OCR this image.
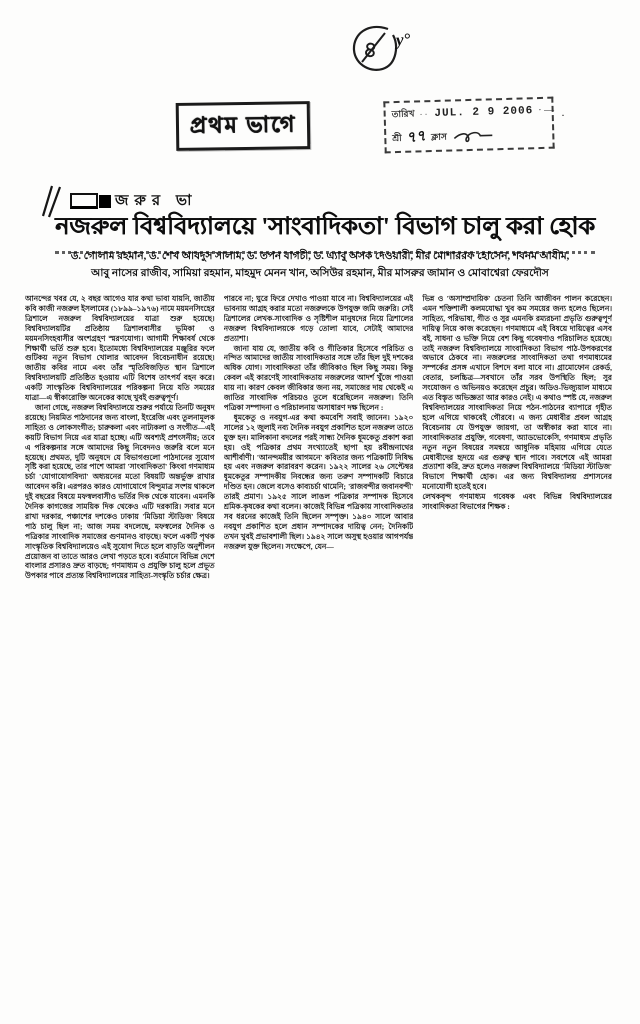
৪ y°
প্রথম ভাগে	তারিখ ·· JUL. 2 9 2006 · —
শ্রী ৭৭ ক্লাস
·
জরুর ভা
নজরুল বিশ্ববিদ্যালয়ে 'সাংবাদিকতা' বিভাগ চালু করা হোক
ড. গোলাম রহমান, ড. শেখ আবদুস সালাম, ড. তপন বাগচী, ড. এ্যাবু অসক দেওয়ারী, মীর মোশাররফ হোসেন, শবনম আযীম,
আবু নাসের রাজীব, সামিয়া রহমান, মাহমুদ মেনন খান, অসিউর রহমান, মীর মাসরুর জামান ও মোবাশ্বেরা ফেরদৌস

আনন্দের খবর যে, ২ বছর আগেও যার কথা ভাবা যায়নি, জাতীয় কবি কাজী নজরুল ইসলামের (১৮৯৯–১৯৭৬) নামে ময়মনসিংহের ত্রিশালে নজরুল বিশ্ববিদ্যালয়ের যাত্রা শুরু হয়েছে। বিশ্ববিদ্যালয়টির প্রতিষ্ঠায় ত্রিশালবাসীর ভূমিকা ও ময়মনসিংহবাসীর অংশগ্রহণ স্মরণযোগ্য। আগামী শিক্ষাবর্ষ থেকে শিক্ষার্থী ভর্তি শুরু হবে। ইতোমধ্যে বিশ্ববিদ্যালয়ের মঞ্জুরির ফলে গুটিকয় নতুন বিভাগ খোলার আবেদন বিবেচনাধীন রয়েছে। জাতীয় কবির নামে এবং তাঁর স্মৃতিবিজড়িত স্থান ত্রিশালে বিশ্ববিদ্যালয়টি প্রতিষ্ঠিত হওয়ায় এটি বিশেষ তাৎপর্য বহন করে। একটি সাংস্কৃতিক বিশ্ববিদ্যালয়ের পরিকল্পনা নিয়ে যতি সময়ের যাত্রা—এ স্বীকারোক্তি অনেকের কাছে খুবই গুরুত্বপূর্ণ।

জানা গেছে, নজরুল বিশ্ববিদ্যালয়ে শুরুর পর্যায়ে তিনটি অনুষদ রয়েছে। নিয়মিত পাঠদানের জন্য বাংলা, ইংরেজি এবং তুলনামূলক সাহিত্য ও লোকসংগীত; চারুকলা এবং নাট্যকলা ও সংগীত—এই কয়টি বিভাগ নিয়ে এর যাত্রা হচ্ছে। এটি অবশ্যই প্রশংসনীয়; তবে এ পরিকল্পনার সঙ্গে আমাদের কিছু নিবেদনও জরুরি বলে মনে হয়েছে। প্রথমত, দুটি অনুষদে যে বিভাগগুলো পাঠদানের সুযোগ সৃষ্টি করা হয়েছে, তার পাশে আমরা 'সাংবাদিকতা' কিংবা গণমাধ্যম চর্চা 'যোগাযোগবিদ্যা' অধ্যয়নের মতো বিষয়টি অন্তর্ভুক্ত রাখার আবেদন করি। এরপরও কারও যোগাযোগে বিন্দুমাত্র সংশয় থাকলে দুই বছরের বিষয়ে মফস্বলবাসীও ভর্তির দিক থেকে যাবেন। এমনকি দৈনিক কাগজের সাময়িক দিক থেকেও এটি দরকারি। সবার মনে রাখা দরকার, পঞ্চাশের দশকেও ঢাকায় 'মিডিয়া স্টাডিজ' বিষয়ে পাঠ চালু ছিল না; আজ সময় বদলেছে, মফস্বলের দৈনিক ও পত্রিকার সাংবাদিক সমাজের গুণমানও বাড়ছে। ফলে একটি পৃথক সাংস্কৃতিক বিশ্ববিদ্যালয়েও এই সুযোগ দিতে হলে বাড়তি অনুশীলন প্রয়োজন বা তাতে আরও লেখা পড়তে হবে। বর্তমানে বিভিন্ন দেশে বাংলার প্রসারও দ্রুত বাড়ছে; গণমাধ্যম ও প্রযুক্তি চালু হলে প্রভূত উপকার পাবে প্রত্যন্ত বিশ্ববিদ্যালয়ের সাহিত্য-সংস্কৃতি চর্চার ক্ষেত্র।

পারবে না; ঘুরে ফিরে দেখাও পাওয়া যাবে না। বিশ্ববিদ্যালয়ের এই ভাবনায় আগ্রহ করার মতো নজরুলকে উপযুক্ত জমি জরুরি। সেই ত্রিশালের লেখক-সাংবাদিক ও সৃষ্টিশীল মানুষদের নিয়ে ত্রিশালের নজরুল বিশ্ববিদ্যালয়কে গড়ে তোলা যাবে, সেটাই আমাদের প্রত্যাশা।

জানা যায় যে, জাতীয় কবি ও গীতিকার হিসেবে পরিচিত ও নন্দিত আমাদের জাতীয় সাংবাদিকতার সঙ্গে তাঁর ছিল দুই দশকের অধিক যোগ। সাংবাদিকতা তাঁর জীবিকাও ছিল কিছু সময়। কিন্তু কেবল এই কারণেই সাংবাদিকতায় নজরুলের আদর্শ খুঁজে পাওয়া যায় না। কারণ কেবল জীবিকার জন্য নয়, সমাজের দায় থেকেই এ জাতির সাংবাদিক পরিচয়ও তুলে ধরেছিলেন নজরুল। তিনি পত্রিকা সম্পাদনা ও পরিচালনায় অসাধারণ দক্ষ ছিলেন :

ধূমকেতু ও নবযুগ-এর কথা কমবেশি সবাই জানেন। ১৯২০ সালের ১২ জুলাই নব্য দৈনিক নবযুগ প্রকাশিত হলে নজরুল তাতে যুক্ত হন। মালিকানা বদলের পরই সান্ধ্য দৈনিক ধূমকেতু প্রকাশ করা হয়। ওই পত্রিকার প্রথম সংখ্যাতেই ছাপা হয় রবীন্দ্রনাথের আশীর্বাণী। 'আনন্দময়ীর আগমনে' কবিতার জন্য পত্রিকাটি নিষিদ্ধ হয় এবং নজরুল কারাবরণ করেন। ১৯২২ সালের ২৬ সেপ্টেম্বর ধূমকেতুর সম্পাদকীয় নিবন্ধের জন্য তরুণ সম্পাদকটি বিচারে দণ্ডিত হন। জেলে বসেও কাব্যচর্চা থামেনি; 'রাজবন্দীর জবানবন্দী' তারই প্রমাণ। ১৯২৫ সালে লাঙল পত্রিকার সম্পাদক হিসেবে শ্রমিক-কৃষকের কথা বলেন। কাজেই বিভিন্ন পত্রিকায় সাংবাদিকতার সব ধরনের কাজেই তিনি ছিলেন সম্পৃক্ত। ১৯৪০ সালে আবার নবযুগ প্রকাশিত হলে প্রধান সম্পাদকের দায়িত্ব নেন; দৈনিকটি তখন খুবই প্রভাবশালী ছিল। ১৯৪২ সালে অসুস্থ হওয়ার আগপর্যন্ত নজরুল যুক্ত ছিলেন। সংক্ষেপে, যেন—

ভিন্ন ও 'অসাম্প্রদায়িক' চেতনা তিনি আজীবন পালন করেছেন। এমন শক্তিশালী কলমযোদ্ধা খুব কম সময়ের জন্য হলেও ছিলেন। সাহিত্য, পরিভাষা, গীত ও সুর এমনকি রম্যরচনা প্রভৃতি গুরুত্বপূর্ণ দায়িত্ব নিয়ে কাজ করেছেন। গণমাধ্যমে এই বিষয়ে দায়িত্বের এসব বই, সাধনা ও ভক্তি নিয়ে বেশ কিছু গবেষণাও পরিচালিত হয়েছে। তাই নজরুল বিশ্ববিদ্যালয়ে সাংবাদিকতা বিভাগ পাঠ-উপকরণের অভাবে ঠেকবে না। নজরুলের সাংবাদিকতা তথা গণমাধ্যমের সম্পর্কের প্রসঙ্গ এখানে বিশদে বলা যাবে না। গ্রামোফোন রেকর্ড, বেতার, চলচ্চিত্র—সবখানে তাঁর সরব উপস্থিতি ছিল; সুর সংযোজন ও অভিনয়ও করেছেন প্রচুর। অডিও-ভিজ্যুয়াল মাধ্যমে এত বিস্তৃত অভিজ্ঞতা আর কারও নেই। এ কথাও স্পষ্ট যে, নজরুল বিশ্ববিদ্যালয়ের সাংবাদিকতা নিয়ে পঠন-পাঠনের ব্যাপারে গৃহীত হলে এগিয়ে থাকবেই গৌরবে। এ জন্য মেধাবীর প্রবল আগ্রহ বিবেচনায় যে উপযুক্ত জায়গা, তা অস্বীকার করা যাবে না। সাংবাদিকতার প্রযুক্তি, গবেষণা, অ্যাডভোকেসি, গণমাধ্যম প্রভৃতি নতুন নতুন বিষয়ের সমন্বয়ে আধুনিক মহিমায় এগিয়ে যেতে মেধাবীদের হৃদয়ে এর গুরুত্ব স্থান পাবে। সবশেষে এই আমরা প্রত্যাশা করি, দ্রুত হলেও নজরুল বিশ্ববিদ্যালয়ে 'মিডিয়া স্টাডিজ' বিভাগে শিক্ষার্থী হোক। এর জন্য বিশ্ববিদ্যালয় প্রশাসনের মনোযোগী হতেই হবে।

লেখকবৃন্দ গণমাধ্যম গবেষক এবং বিভিন্ন বিশ্ববিদ্যালয়ের সাংবাদিকতা বিভাগের শিক্ষক :
